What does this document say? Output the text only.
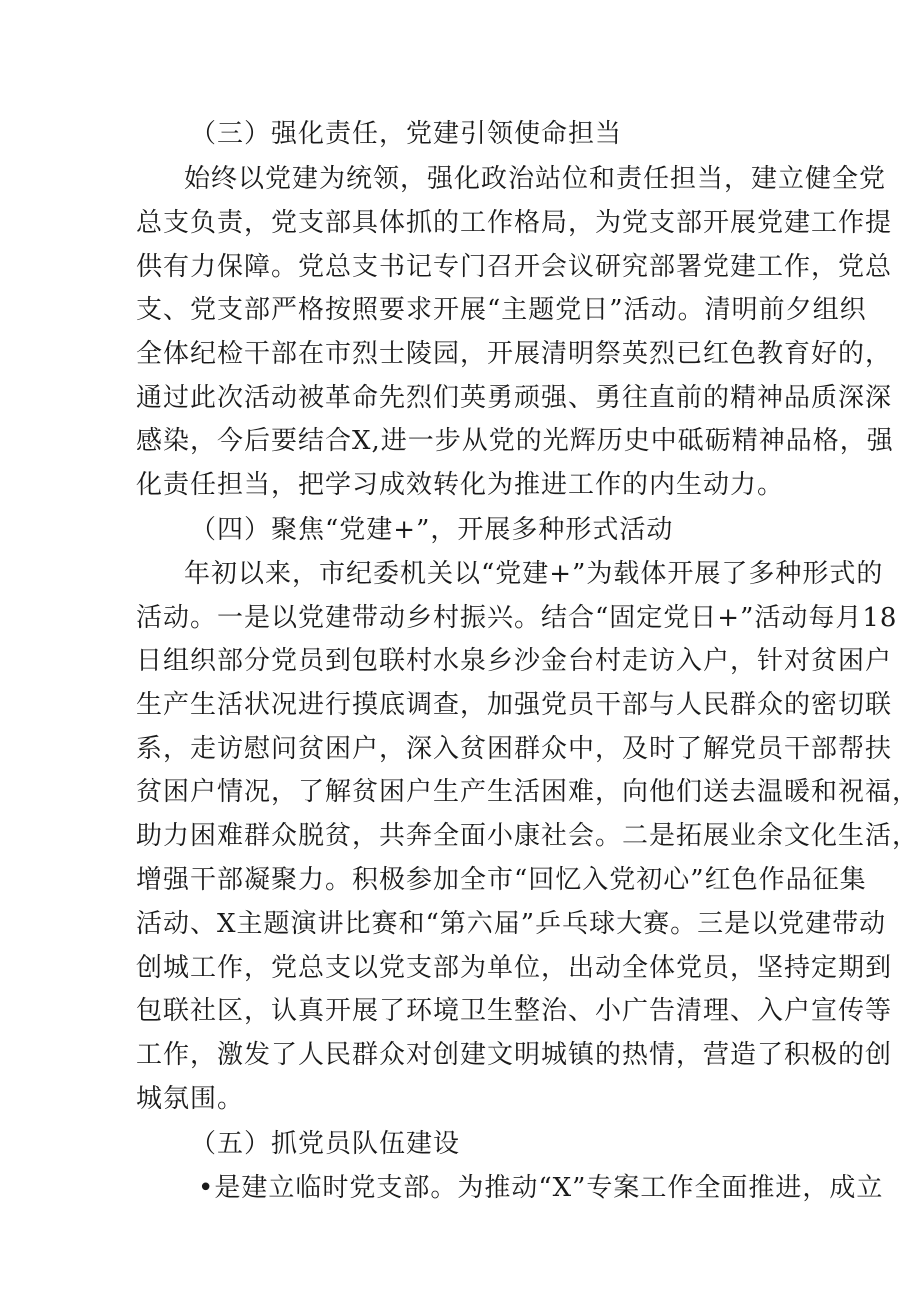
（三）强化责任，党建引领使命担当
始终以党建为统领，强化政治站位和责任担当，建立健全党
总支负责，党支部具体抓的工作格局，为党支部开展党建工作提
供有力保障。党总支书记专门召开会议研究部署党建工作，党总
支、党支部严格按照要求开展“主题党日”活动。清明前夕组织
全体纪检干部在市烈士陵园，开展清明祭英烈已红色教育好的，
通过此次活动被革命先烈们英勇顽强、勇往直前的精神品质深深
感染，今后要结合X,进一步从党的光辉历史中砥砺精神品格，强
化责任担当，把学习成效转化为推进工作的内生动力。
（四）聚焦“党建+”，开展多种形式活动
年初以来，市纪委机关以“党建+”为载体开展了多种形式的
活动。一是以党建带动乡村振兴。结合“固定党日+”活动每月18
日组织部分党员到包联村水泉乡沙金台村走访入户，针对贫困户
生产生活状况进行摸底调查，加强党员干部与人民群众的密切联
系，走访慰问贫困户，深入贫困群众中，及时了解党员干部帮扶
贫困户情况，了解贫困户生产生活困难，向他们送去温暖和祝福，
助力困难群众脱贫，共奔全面小康社会。二是拓展业余文化生活，
增强干部凝聚力。积极参加全市“回忆入党初心”红色作品征集
活动、X主题演讲比赛和“第六届”乒乓球大赛。三是以党建带动
创城工作，党总支以党支部为单位，出动全体党员，坚持定期到
包联社区，认真开展了环境卫生整治、小广告清理、入户宣传等
工作，激发了人民群众对创建文明城镇的热情，营造了积极的创
城氛围。
（五）抓党员队伍建设
•是建立临时党支部。为推动“X”专案工作全面推进，成立
